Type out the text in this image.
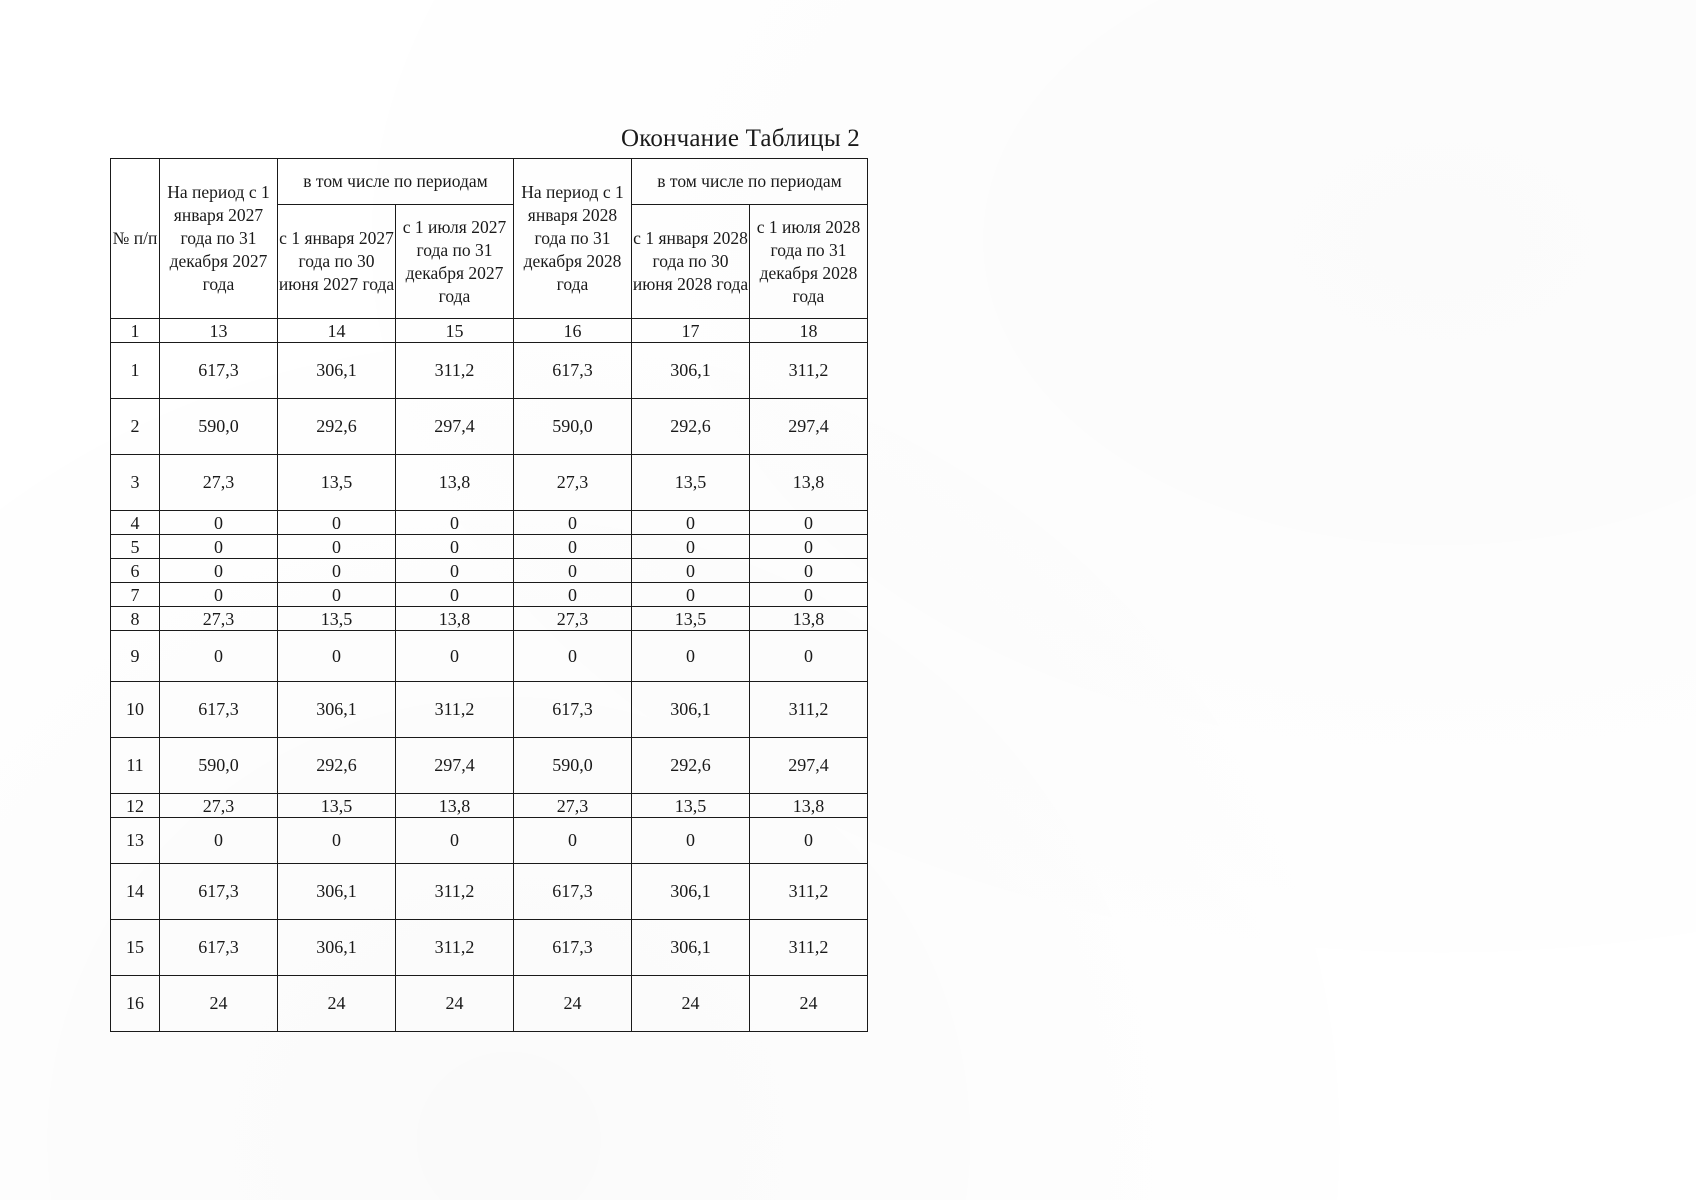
Окончание Таблицы 2
№ п/п	На период с 1 января 2027 года по 31 декабря 2027 года	в том числе по периодам		На период с 1 января 2028 года по 31 декабря 2028 года	в том числе по периодам	
		с 1 января 2027 года по 30 июня 2027 года	с 1 июля 2027 года по 31 декабря 2027 года		с 1 января 2028 года по 30 июня 2028 года	с 1 июля 2028 года по 31 декабря 2028 года
1	13	14	15	16	17	18
1	617,3	306,1	311,2	617,3	306,1	311,2
2	590,0	292,6	297,4	590,0	292,6	297,4
3	27,3	13,5	13,8	27,3	13,5	13,8
4	0	0	0	0	0	0
5	0	0	0	0	0	0
6	0	0	0	0	0	0
7	0	0	0	0	0	0
8	27,3	13,5	13,8	27,3	13,5	13,8
9	0	0	0	0	0	0
10	617,3	306,1	311,2	617,3	306,1	311,2
11	590,0	292,6	297,4	590,0	292,6	297,4
12	27,3	13,5	13,8	27,3	13,5	13,8
13	0	0	0	0	0	0
14	617,3	306,1	311,2	617,3	306,1	311,2
15	617,3	306,1	311,2	617,3	306,1	311,2
16	24	24	24	24	24	24
